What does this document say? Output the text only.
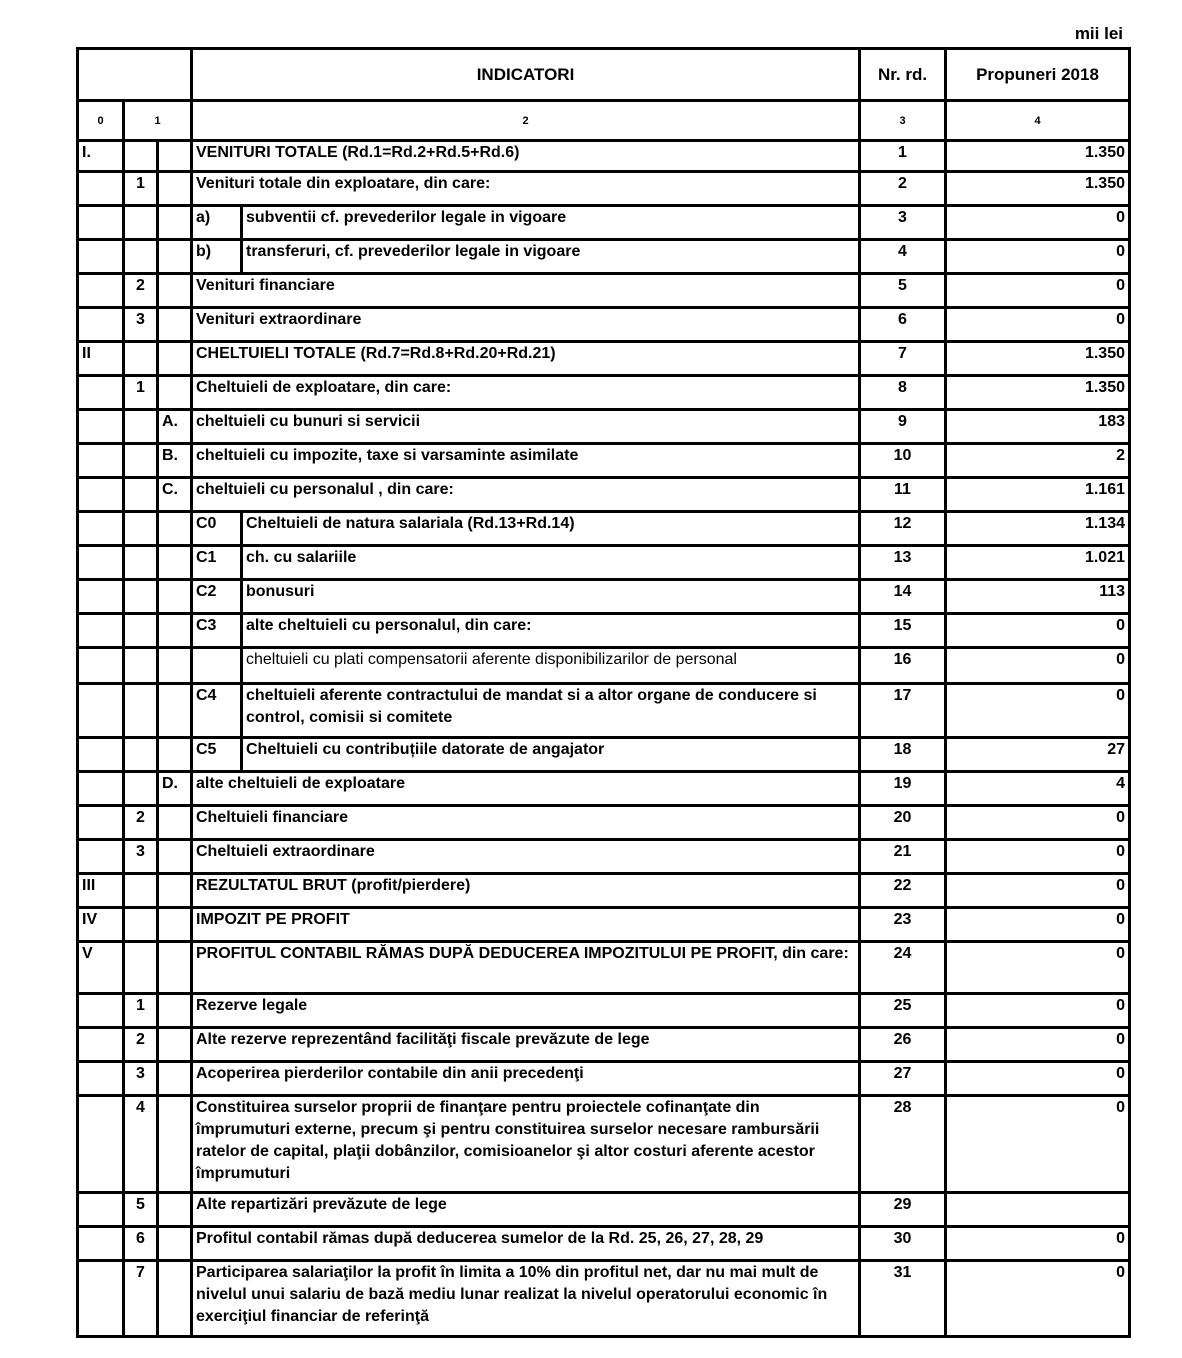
mii lei
			INDICATORI		Nr. rd.	Propuneri 2018
0	1		2		3	4
I.			VENITURI TOTALE (Rd.1=Rd.2+Rd.5+Rd.6)		1	1.350
	1		Venituri totale din exploatare, din care:		2	1.350
			a)	subventii cf. prevederilor legale in vigoare	3	0
			b)	transferuri, cf. prevederilor legale in vigoare	4	0
	2		Venituri financiare		5	0
	3		Venituri extraordinare		6	0
II			CHELTUIELI TOTALE (Rd.7=Rd.8+Rd.20+Rd.21)		7	1.350
	1		Cheltuieli de exploatare, din care:		8	1.350
		A.	cheltuieli cu bunuri si servicii		9	183
		B.	cheltuieli cu impozite, taxe si varsaminte asimilate		10	2
		C.	cheltuieli cu personalul , din care:		11	1.161
			C0	Cheltuieli de natura salariala (Rd.13+Rd.14)	12	1.134
			C1	ch. cu salariile	13	1.021
			C2	bonusuri	14	113
			C3	alte cheltuieli cu personalul, din care:	15	0
				cheltuieli cu plati compensatorii aferente disponibilizarilor de personal	16	0
			C4	cheltuieli aferente contractului de mandat si a altor organe de conducere si control, comisii si comitete	17	0
			C5	Cheltuieli cu contribuțiile datorate de angajator	18	27
		D.	alte cheltuieli de exploatare		19	4
	2		Cheltuieli financiare		20	0
	3		Cheltuieli extraordinare		21	0
III			REZULTATUL BRUT (profit/pierdere)		22	0
IV			IMPOZIT PE PROFIT		23	0
V			PROFITUL CONTABIL RĂMAS DUPĂ DEDUCEREA IMPOZITULUI PE PROFIT, din care:		24	0
	1		Rezerve legale		25	0
	2		Alte rezerve reprezentând facilităţi fiscale prevăzute de lege		26	0
	3		Acoperirea pierderilor contabile din anii precedenţi		27	0
	4		Constituirea surselor proprii de finanţare pentru proiectele cofinanţate din împrumuturi externe, precum şi pentru constituirea surselor necesare rambursării ratelor de capital, plaţii dobânzilor, comisioanelor şi altor costuri aferente acestor împrumuturi		28	0
	5		Alte repartizări prevăzute de lege		29	
	6		Profitul contabil rămas după deducerea sumelor de la Rd. 25, 26, 27, 28, 29		30	0
	7		Participarea salariaţilor la profit în limita a 10% din profitul net, dar nu mai mult de nivelul unui salariu de bază mediu lunar realizat la nivelul operatorului economic în exerciţiul financiar de referinţă		31	0
